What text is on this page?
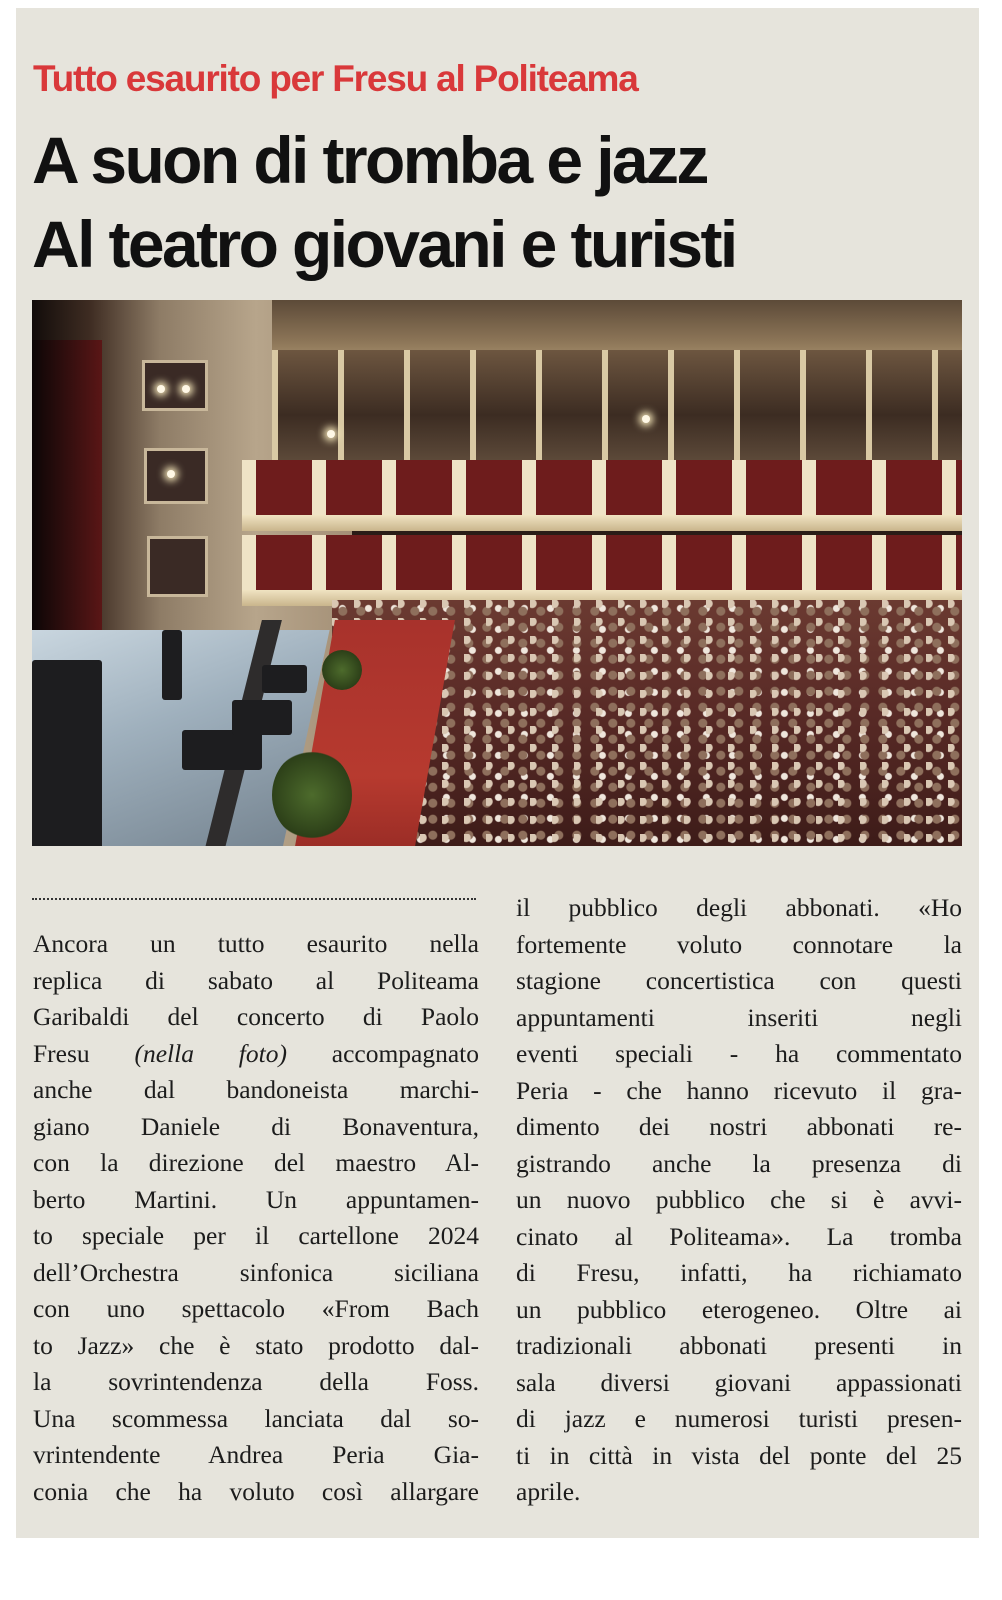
Tutto esaurito per Fresu al Politeama
A suon di tromba e jazz
Al teatro giovani e turisti
Ancora un tutto esaurito nella
replica di sabato al Politeama
Garibaldi del concerto di Paolo
Fresu (nella foto) accompagnato
anche dal bandoneista marchi-
giano Daniele di Bonaventura,
con la direzione del maestro Al-
berto Martini. Un appuntamen-
to speciale per il cartellone 2024
dell’Orchestra sinfonica siciliana
con uno spettacolo «From Bach
to Jazz» che è stato prodotto dal-
la sovrintendenza della Foss.
Una scommessa lanciata dal so-
vrintendente Andrea Peria Gia-
conia che ha voluto così allargare
il pubblico degli abbonati. «Ho
fortemente voluto connotare la
stagione concertistica con questi
appuntamenti inseriti negli
eventi speciali - ha commentato
Peria - che hanno ricevuto il gra-
dimento dei nostri abbonati re-
gistrando anche la presenza di
un nuovo pubblico che si è avvi-
cinato al Politeama». La tromba
di Fresu, infatti, ha richiamato
un pubblico eterogeneo. Oltre ai
tradizionali abbonati presenti in
sala diversi giovani appassionati
di jazz e numerosi turisti presen-
ti in città in vista del ponte del 25
aprile.
